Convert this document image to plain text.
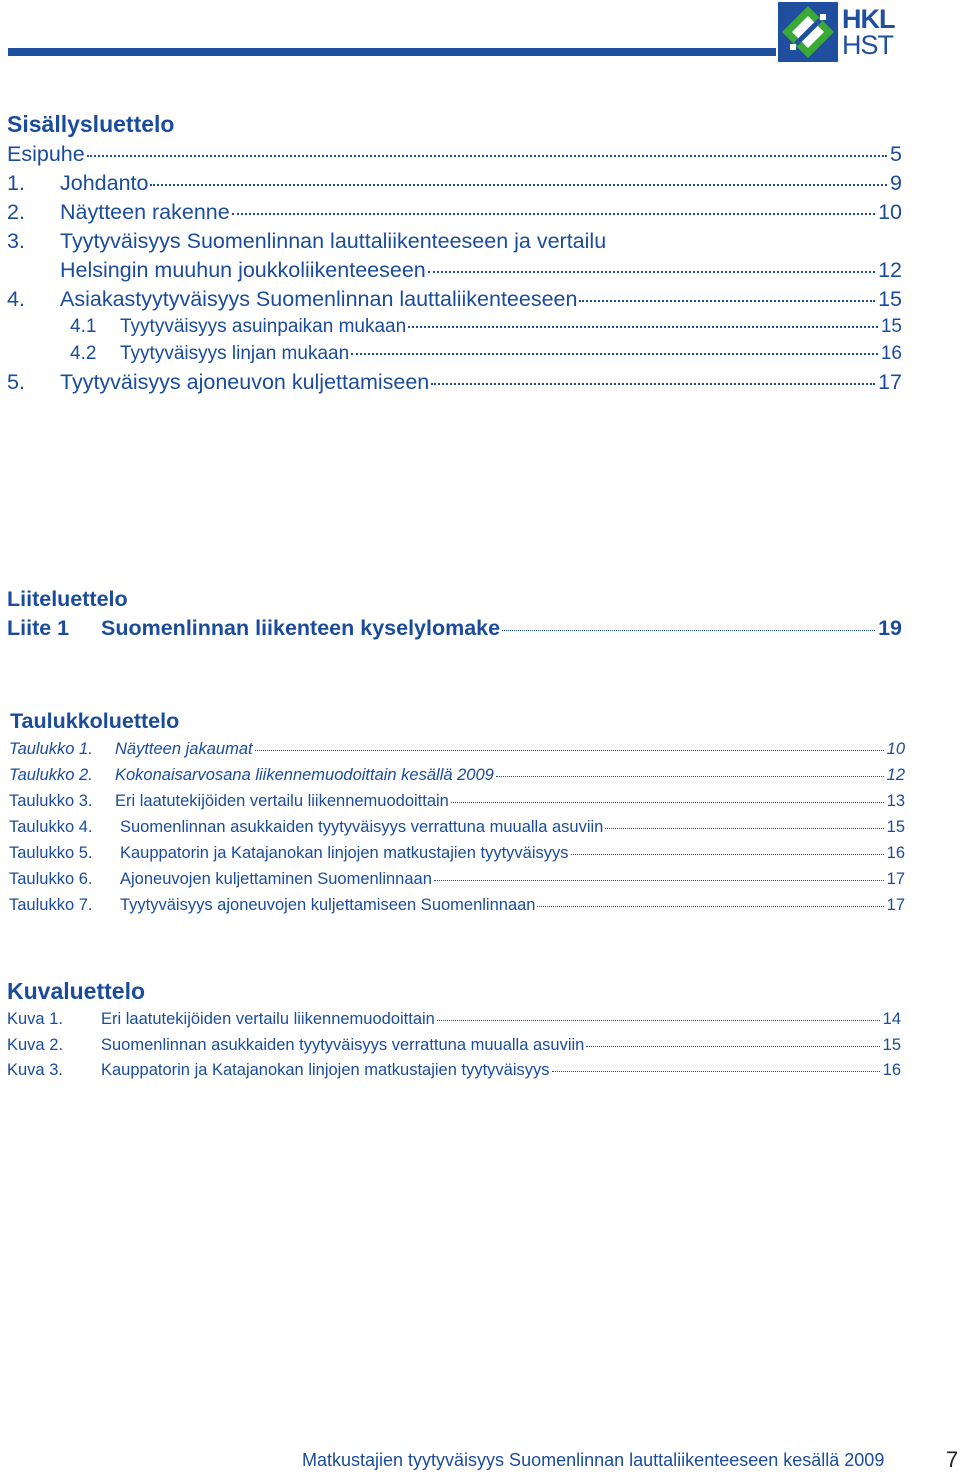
HKL
HST
Sisällysluettelo
Esipuhe	5
1.	Johdanto	9
2.	Näytteen rakenne	10
3.	Tyytyväisyys Suomenlinnan lauttaliikenteeseen ja vertailu
Helsingin muuhun joukkoliikenteeseen	12
4.	Asiakastyytyväisyys Suomenlinnan lauttaliikenteeseen	15
4.1	Tyytyväisyys asuinpaikan mukaan	15
4.2	Tyytyväisyys linjan mukaan	16
5.	Tyytyväisyys ajoneuvon kuljettamiseen	17
Liiteluettelo
Liite 1	Suomenlinnan liikenteen kyselylomake	19
Taulukkoluettelo
Taulukko 1.	Näytteen jakaumat	10
Taulukko 2.	Kokonaisarvosana liikennemuodoittain kesällä 2009	12
Taulukko 3.	Eri laatutekijöiden vertailu liikennemuodoittain	13
Taulukko 4.	Suomenlinnan asukkaiden tyytyväisyys verrattuna muualla asuviin	15
Taulukko 5.	Kauppatorin ja Katajanokan linjojen matkustajien tyytyväisyys	16
Taulukko 6.	Ajoneuvojen kuljettaminen Suomenlinnaan	17
Taulukko 7.	Tyytyväisyys ajoneuvojen kuljettamiseen Suomenlinnaan	17
Kuvaluettelo
Kuva 1.	Eri laatutekijöiden vertailu liikennemuodoittain	14
Kuva 2.	Suomenlinnan asukkaiden tyytyväisyys verrattuna muualla asuviin	15
Kuva 3.	Kauppatorin ja Katajanokan linjojen matkustajien tyytyväisyys	16
Matkustajien tyytyväisyys Suomenlinnan lauttaliikenteeseen kesällä 2009	7
